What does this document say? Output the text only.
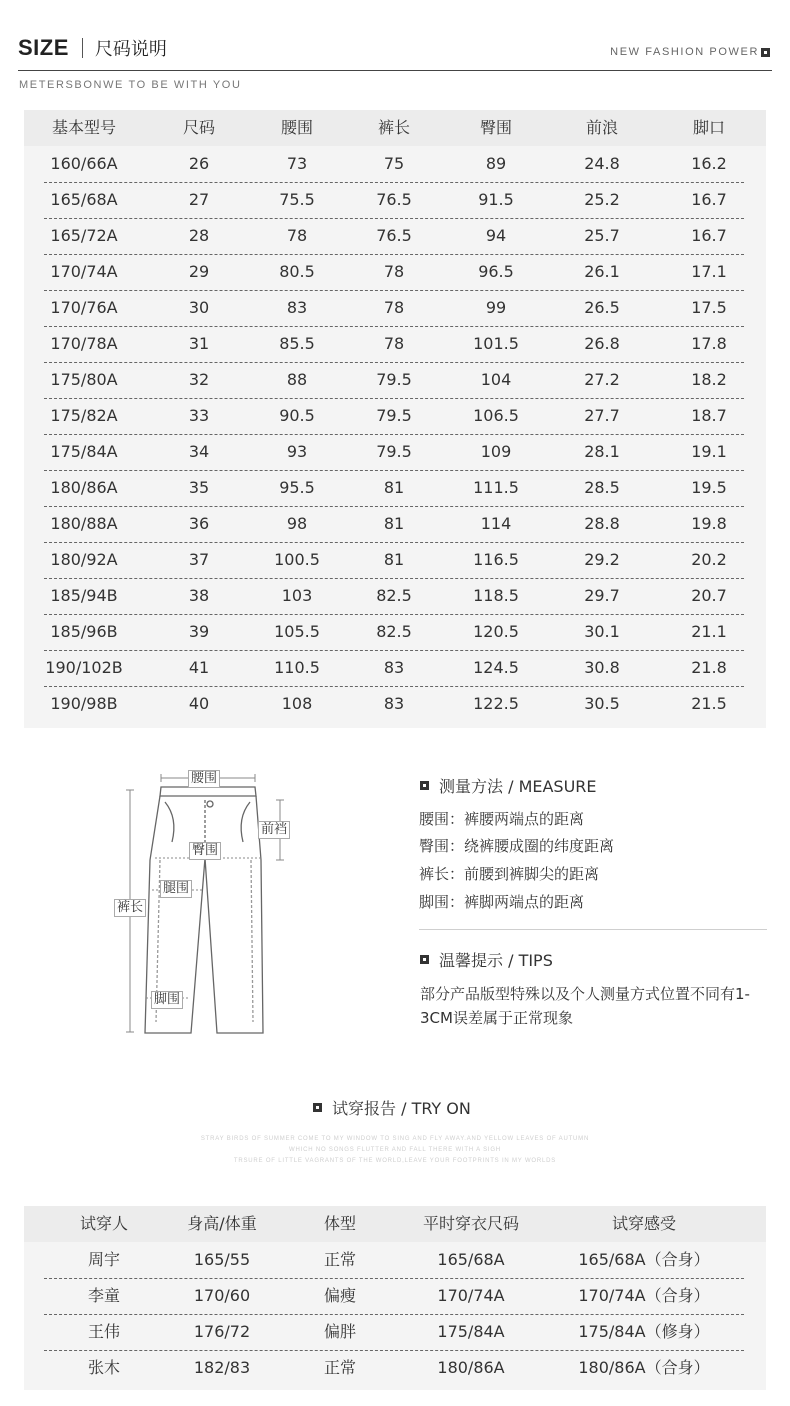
SIZE 尺码说明	NEW FASHION POWER
METERSBONWE TO BE WITH YOU
基本型号	尺码	腰围	裤长	臀围	前浪	脚口
160/66A	26	73	75	89	24.8	16.2
165/68A	27	75.5	76.5	91.5	25.2	16.7
165/72A	28	78	76.5	94	25.7	16.7
170/74A	29	80.5	78	96.5	26.1	17.1
170/76A	30	83	78	99	26.5	17.5
170/78A	31	85.5	78	101.5	26.8	17.8
175/80A	32	88	79.5	104	27.2	18.2
175/82A	33	90.5	79.5	106.5	27.7	18.7
175/84A	34	93	79.5	109	28.1	19.1
180/86A	35	95.5	81	111.5	28.5	19.5
180/88A	36	98	81	114	28.8	19.8
180/92A	37	100.5	81	116.5	29.2	20.2
185/94B	38	103	82.5	118.5	29.7	20.7
185/96B	39	105.5	82.5	120.5	30.1	21.1
190/102B	41	110.5	83	124.5	30.8	21.8
190/98B	40	108	83	122.5	30.5	21.5
腰围
前裆
臀围
腿围
裤长
脚围
测量方法 / MEASURE
腰围：裤腰两端点的距离
臀围：绕裤腰成圈的纬度距离
裤长：前腰到裤脚尖的距离
脚围：裤脚两端点的距离
温馨提示 / TIPS
部分产品版型特殊以及个人测量方式位置不同有1-3CM误差属于正常现象
试穿报告 / TRY ON
STRAY BIRDS OF SUMMER COME TO MY WINDOW TO SING AND FLY AWAY.AND YELLOW LEAVES OF AUTUMN
WHICH NO SONGS FLUTTER AND FALL THERE WITH A SIGH
TRSURE OF LITTLE VAGRANTS OF THE WORLD,LEAVE YOUR FOOTPRINTS IN MY WORLDS
试穿人	身高/体重	体型	平时穿衣尺码	试穿感受
周宇	165/55	正常	165/68A	165/68A（合身）
李童	170/60	偏瘦	170/74A	170/74A（合身）
王伟	176/72	偏胖	175/84A	175/84A（修身）
张木	182/83	正常	180/86A	180/86A（合身）
